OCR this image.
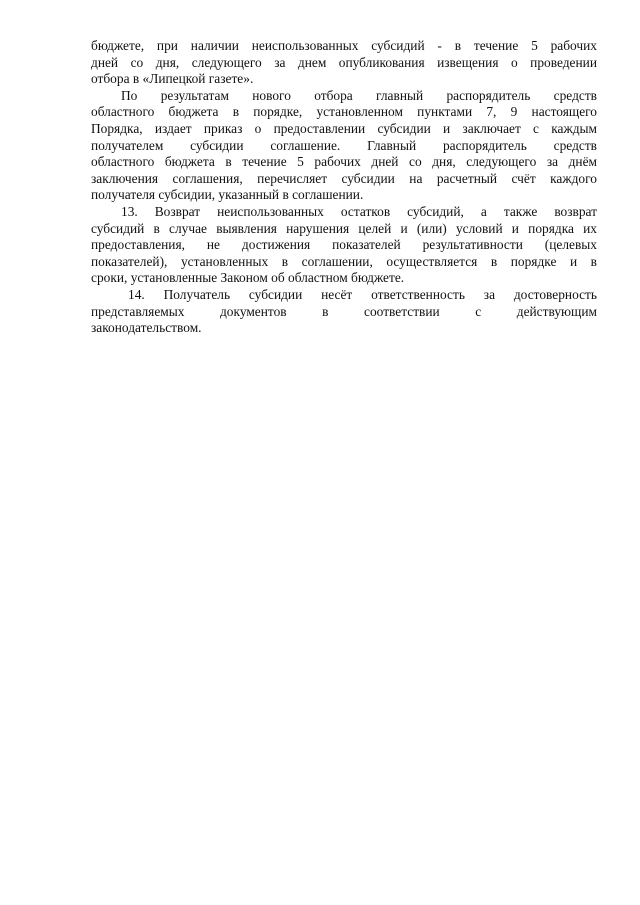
бюджете, при наличии неиспользованных субсидий - в течение 5 рабочих
дней со дня, следующего за днем опубликования извещения о проведении
отбора в «Липецкой газете».
По результатам нового отбора главный распорядитель средств
областного бюджета в порядке, установленном пунктами 7, 9 настоящего
Порядка, издает приказ о предоставлении субсидии и заключает с каждым
получателем субсидии соглашение. Главный распорядитель средств
областного бюджета в течение 5 рабочих дней со дня, следующего за днём
заключения соглашения, перечисляет субсидии на расчетный счёт каждого
получателя субсидии, указанный в соглашении.
13. Возврат неиспользованных остатков субсидий, а также возврат
субсидий в случае выявления нарушения целей и (или) условий и порядка их
предоставления, не достижения показателей результативности (целевых
показателей), установленных в соглашении, осуществляется в порядке и в
сроки, установленные Законом об областном бюджете.
14. Получатель субсидии несёт ответственность за достоверность
представляемых документов в соответствии с действующим
законодательством.
